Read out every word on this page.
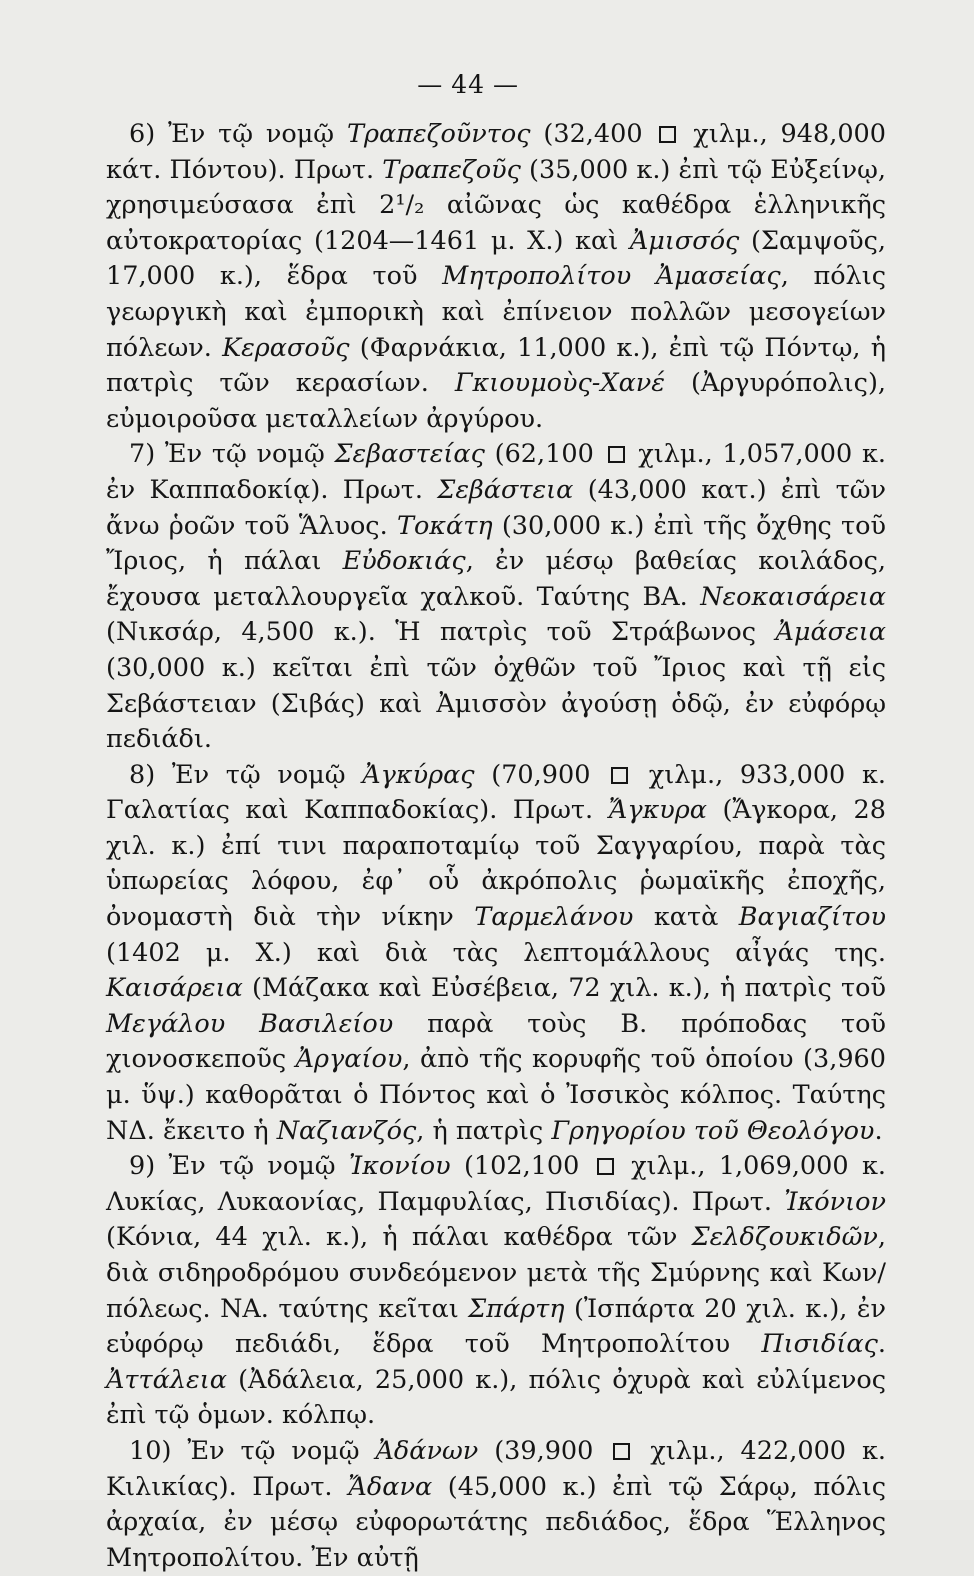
— 44 —

6) Ἐν τῷ νομῷ Τραπεζοῦντος (32,400  χιλμ., 948,000 κάτ. Πόντου). Πρωτ. Τραπεζοῦς (35,000 κ.) ἐπὶ τῷ Εὐξείνῳ, χρησιμεύσασα ἐπὶ 2¹/₂ αἰῶνας ὡς καθέδρα ἑλληνικῆς αὐτοκρατορίας (1204—1461 μ. Χ.) καὶ Ἀμισσός (Σαμψοῦς, 17,000 κ.), ἕδρα τοῦ Μητροπολίτου Ἀμασείας, πόλις γεωργικὴ καὶ ἐμπορικὴ καὶ ἐπίνειον πολλῶν μεσογείων πόλεων. Κερασοῦς (Φαρνάκια, 11,000 κ.), ἐπὶ τῷ Πόντῳ, ἡ πατρὶς τῶν κερασίων. Γκιουμοὺς-Χανέ (Ἀργυρόπολις), εὐμοιροῦσα μεταλλείων ἀργύρου.

7) Ἐν τῷ νομῷ Σεβαστείας (62,100  χιλμ., 1,057,000 κ. ἐν Καππαδοκίᾳ). Πρωτ. Σεβάστεια (43,000 κατ.) ἐπὶ τῶν ἄνω ῥοῶν τοῦ Ἅλυος. Τοκάτη (30,000 κ.) ἐπὶ τῆς ὄχθης τοῦ Ἴριος, ἡ πάλαι Εὐδοκιάς, ἐν μέσῳ βαθείας κοιλάδος, ἔχουσα μεταλλουργεῖα χαλκοῦ. Ταύτης ΒΑ. Νεοκαισάρεια (Νικσάρ, 4,500 κ.). Ἡ πατρὶς τοῦ Στράβωνος Ἀμάσεια (30,000 κ.) κεῖται ἐπὶ τῶν ὀχθῶν τοῦ Ἴριος καὶ τῇ εἰς Σεβάστειαν (Σιβάς) καὶ Ἀμισσὸν ἀγούσῃ ὁδῷ, ἐν εὐφόρῳ πεδιάδι.

8) Ἐν τῷ νομῷ Ἀγκύρας (70,900  χιλμ., 933,000 κ. Γαλατίας καὶ Καππαδοκίας). Πρωτ. Ἄγκυρα (Ἄγκορα, 28 χιλ. κ.) ἐπί τινι παραποταμίῳ τοῦ Σαγγαρίου, παρὰ τὰς ὑπωρείας λόφου, ἐφ᾽ οὗ ἀκρόπολις ῥωμαϊκῆς ἐποχῆς, ὀνομαστὴ διὰ τὴν νίκην Ταρμελάνου κατὰ Βαγιαζίτου (1402 μ. Χ.) καὶ διὰ τὰς λεπτομάλλους αἶγάς της. Καισάρεια (Μάζακα καὶ Εὐσέβεια, 72 χιλ. κ.), ἡ πατρὶς τοῦ Μεγάλου Βασιλείου παρὰ τοὺς Β. πρόποδας τοῦ χιονοσκεποῦς Ἀργαίου, ἀπὸ τῆς κορυφῆς τοῦ ὁποίου (3,960 μ. ὕψ.) καθορᾶται ὁ Πόντος καὶ ὁ Ἰσσικὸς κόλπος. Ταύτης ΝΔ. ἔκειτο ἡ Ναζιανζός, ἡ πατρὶς Γρηγορίου τοῦ Θεολόγου.

9) Ἐν τῷ νομῷ Ἰκονίου (102,100  χιλμ., 1,069,000 κ. Λυκίας, Λυκαονίας, Παμφυλίας, Πισιδίας). Πρωτ. Ἰκόνιον (Κόνια, 44 χιλ. κ.), ἡ πάλαι καθέδρα τῶν Σελδζουκιδῶν, διὰ σιδηροδρόμου συνδεόμενον μετὰ τῆς Σμύρνης καὶ Κων/πόλεως. ΝΑ. ταύτης κεῖται Σπάρτη (Ἰσπάρτα 20 χιλ. κ.), ἐν εὐφόρῳ πεδιάδι, ἕδρα τοῦ Μητροπολίτου Πισιδίας. Ἀττάλεια (Ἀδάλεια, 25,000 κ.), πόλις ὀχυρὰ καὶ εὐλίμενος ἐπὶ τῷ ὁμων. κόλπῳ.

10) Ἐν τῷ νομῷ Ἀδάνων (39,900  χιλμ., 422,000 κ. Κιλικίας). Πρωτ. Ἄδανα (45,000 κ.) ἐπὶ τῷ Σάρῳ, πόλις ἀρχαία, ἐν μέσῳ εὐφορωτάτης πεδιάδος, ἕδρα Ἕλληνος Μητροπολίτου. Ἐν αὐτῇ
